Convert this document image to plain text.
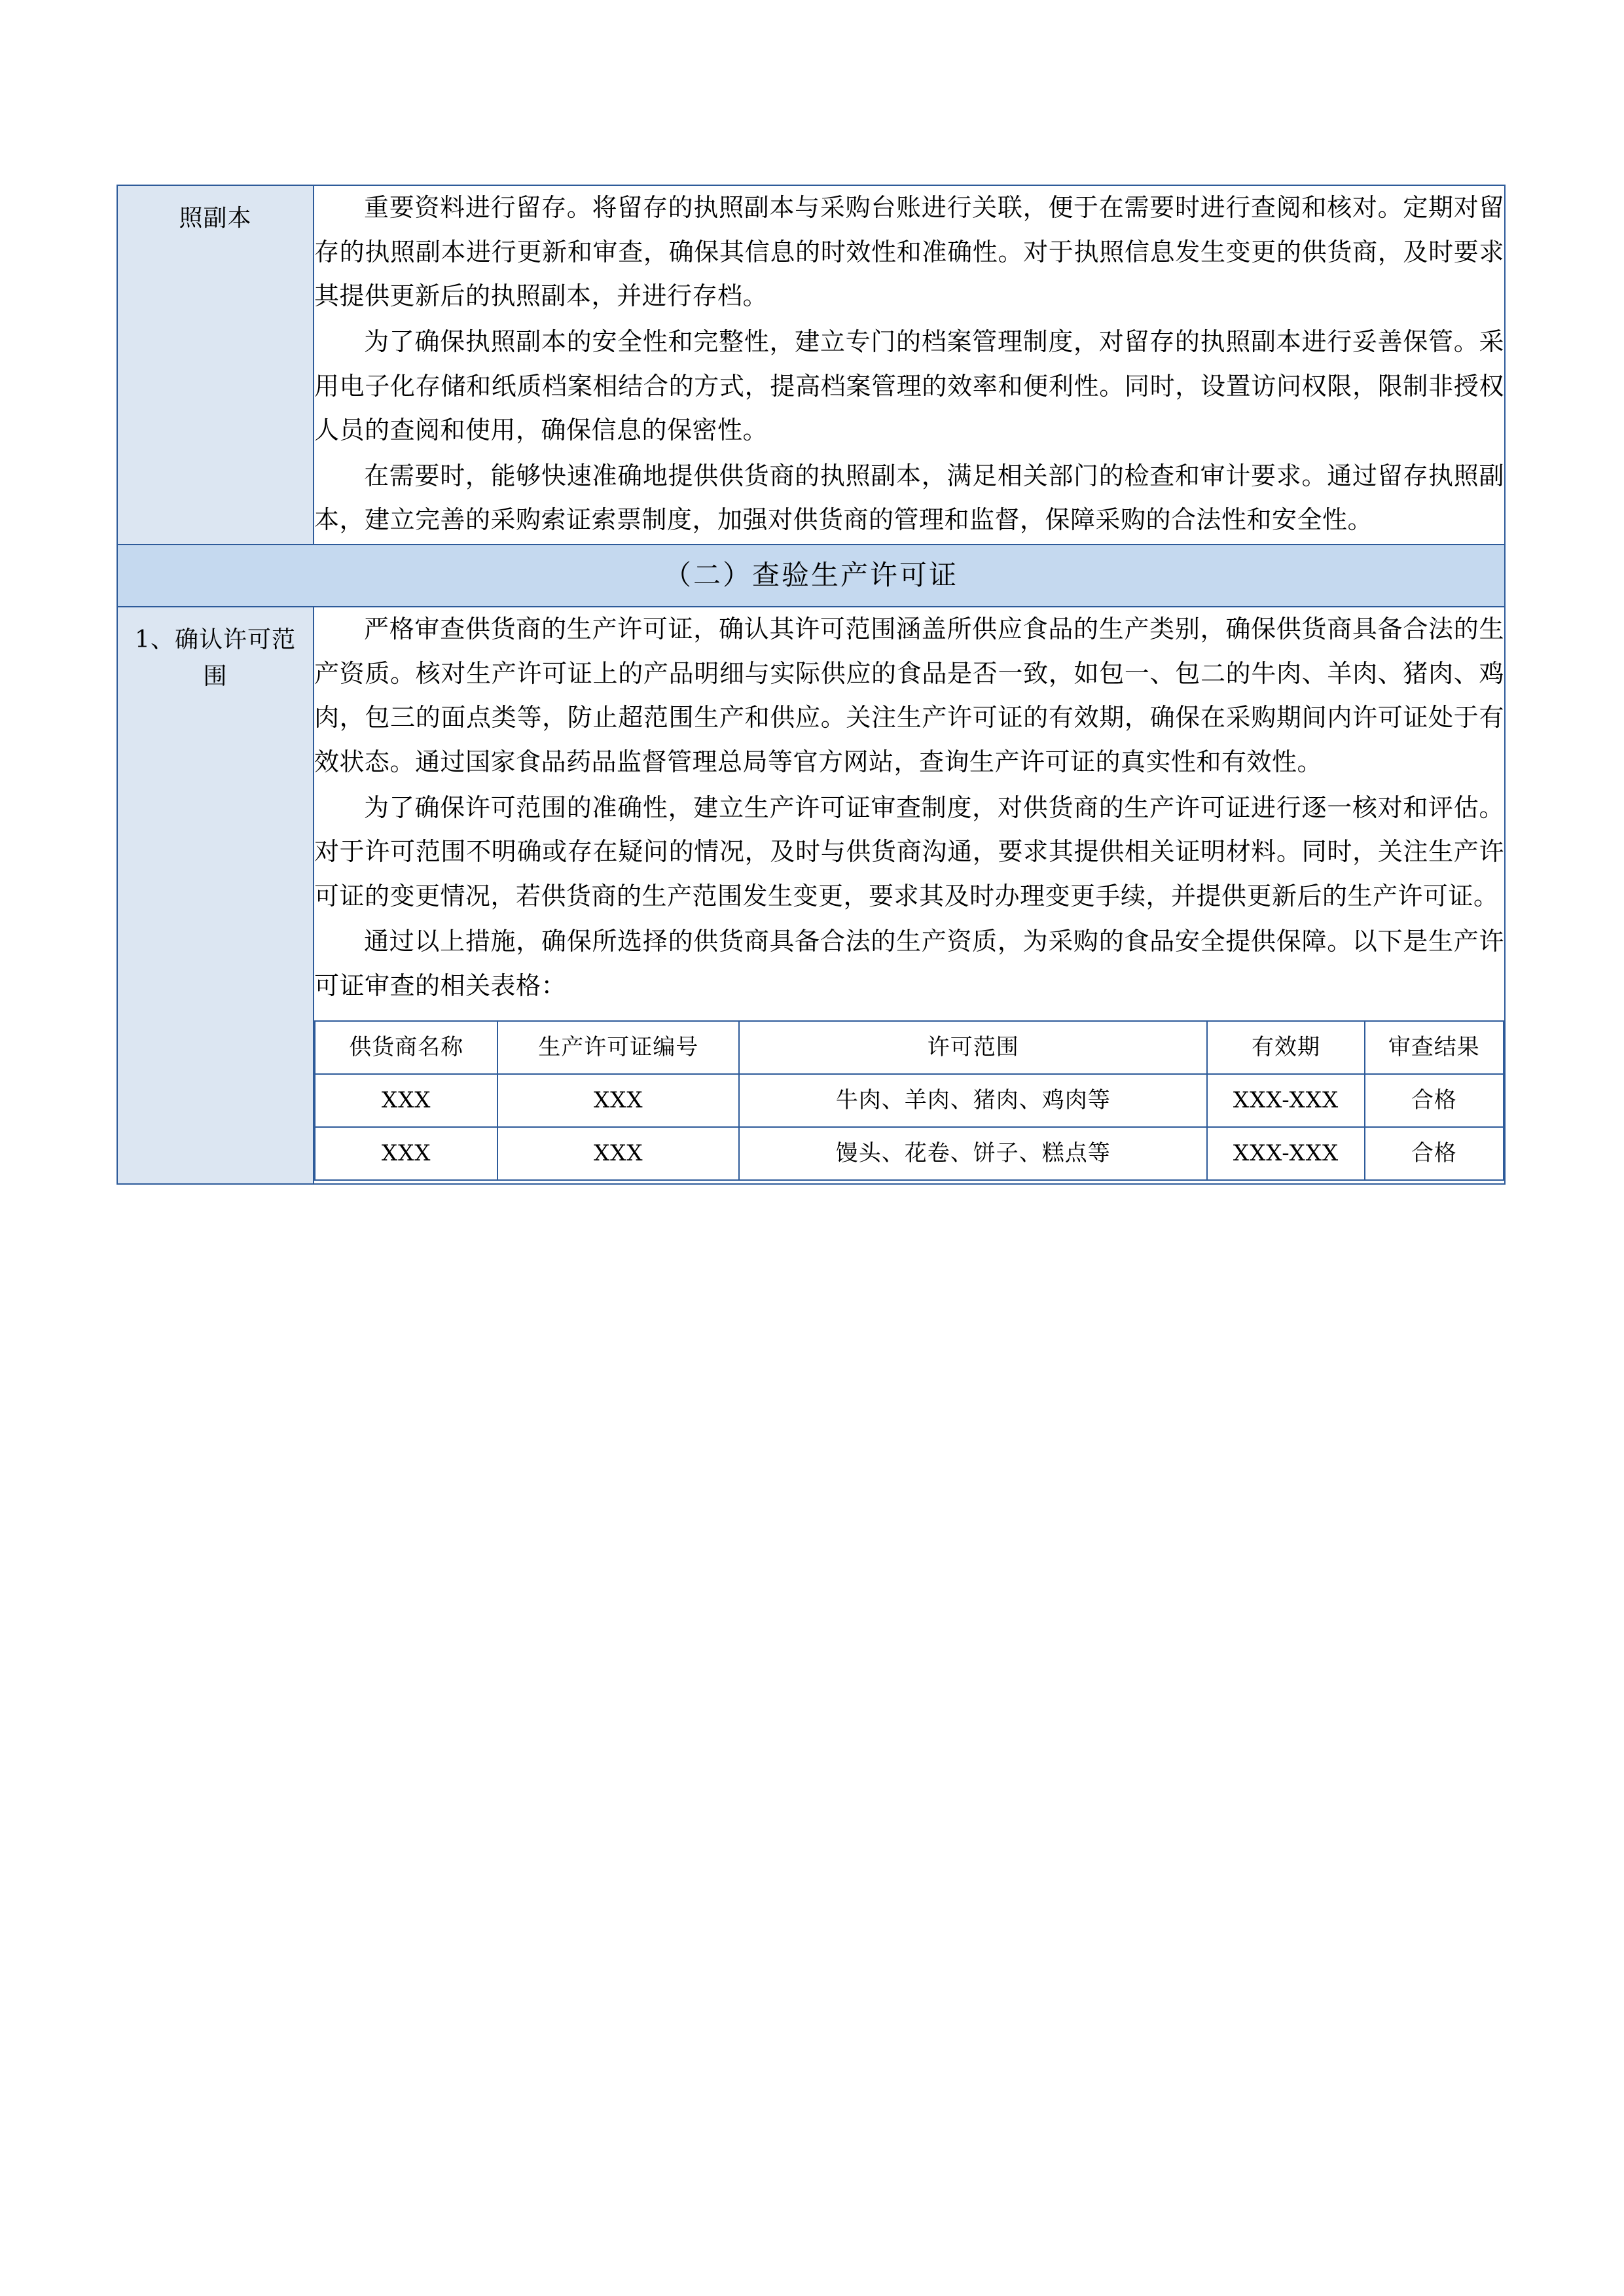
照副本	重要资料进行留存。将留存的执照副本与采购台账进行关联，便于在需要时进行查阅和核对。定期对留存的执照副本进行更新和审查，确保其信息的时效性和准确性。对于执照信息发生变更的供货商，及时要求其提供更新后的执照副本，并进行存档。

为了确保执照副本的安全性和完整性，建立专门的档案管理制度，对留存的执照副本进行妥善保管。采用电子化存储和纸质档案相结合的方式，提高档案管理的效率和便利性。同时，设置访问权限，限制非授权人员的查阅和使用，确保信息的保密性。

在需要时，能够快速准确地提供供货商的执照副本，满足相关部门的检查和审计要求。通过留存执照副本，建立完善的采购索证索票制度，加强对供货商的管理和监督，保障采购的合法性和安全性。

（二）查验生产许可证

1、确认许可范围

严格审查供货商的生产许可证，确认其许可范围涵盖所供应食品的生产类别，确保供货商具备合法的生产资质。核对生产许可证上的产品明细与实际供应的食品是否一致，如包一、包二的牛肉、羊肉、猪肉、鸡肉，包三的面点类等，防止超范围生产和供应。关注生产许可证的有效期，确保在采购期间内许可证处于有效状态。通过国家食品药品监督管理总局等官方网站，查询生产许可证的真实性和有效性。

为了确保许可范围的准确性，建立生产许可证审查制度，对供货商的生产许可证进行逐一核对和评估。对于许可范围不明确或存在疑问的情况，及时与供货商沟通，要求其提供相关证明材料。同时，关注生产许可证的变更情况，若供货商的生产范围发生变更，要求其及时办理变更手续，并提供更新后的生产许可证。

通过以上措施，确保所选择的供货商具备合法的生产资质，为采购的食品安全提供保障。以下是生产许可证审查的相关表格：

供货商名称	生产许可证编号	许可范围	有效期	审查结果
XXX	XXX	牛肉、羊肉、猪肉、鸡肉等	XXX-XXX	合格
XXX	XXX	馒头、花卷、饼子、糕点等	XXX-XXX	合格
